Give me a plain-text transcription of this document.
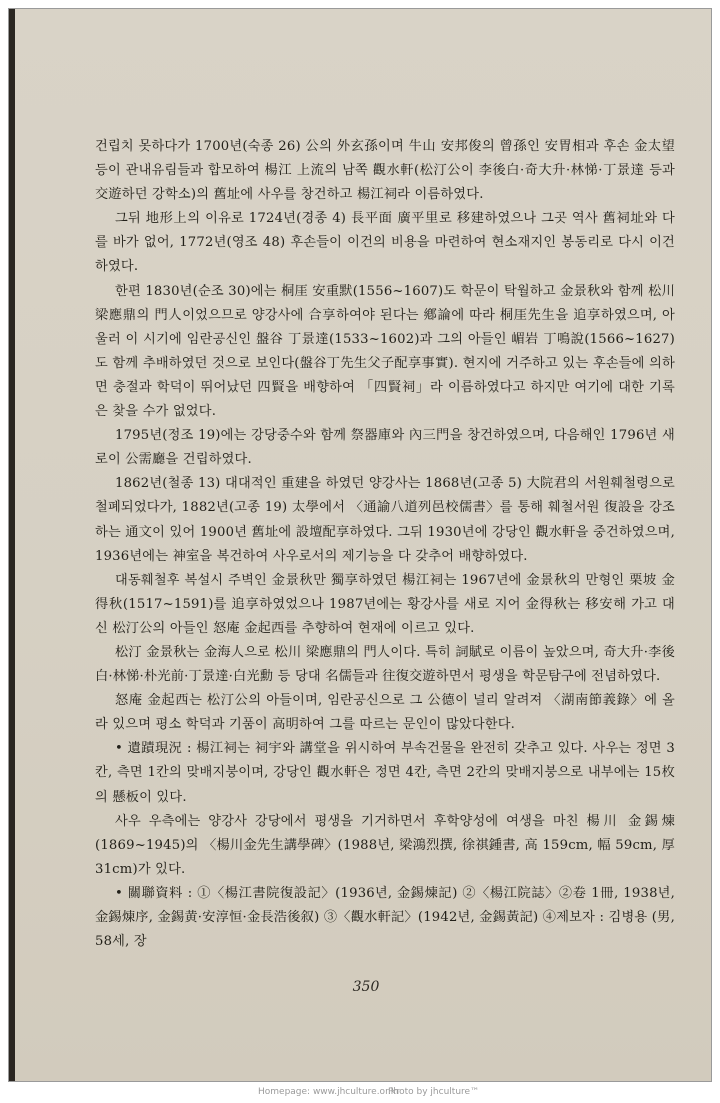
건립치 못하다가 1700년(숙종 26) 公의 外玄孫이며 牛山 安邦俊의 曾孫인 安胃相과 후손 金太望 등이 관내유림들과 합모하여 楊江 上流의 남쪽 觀水軒(松汀公이 李後白·奇大升·林悌·丁景達 등과 交遊하던 강학소)의 舊址에 사우를 창건하고 楊江祠라 이름하였다.

그뒤 地形上의 이유로 1724년(경종 4) 長平面 廣平里로 移建하였으나 그곳 역사 舊祠址와 다를 바가 없어, 1772년(영조 48) 후손들이 이건의 비용을 마련하여 현소재지인 봉동리로 다시 이건하였다.

한편 1830년(순조 30)에는 桐厓 安重默(1556~1607)도 학문이 탁월하고 金景秋와 함께 松川 梁應鼎의 門人이었으므로 양강사에 合享하여야 된다는 鄕論에 따라 桐厓先生을 追享하였으며, 아울러 이 시기에 임란공신인 盤谷 丁景達(1533~1602)과 그의 아들인 嵋岩 丁鳴說(1566~1627)도 함께 추배하였던 것으로 보인다(盤谷丁先生父子配享事實). 현지에 거주하고 있는 후손들에 의하면 충절과 학덕이 뛰어났던 四賢을 배향하여 「四賢祠」라 이름하였다고 하지만 여기에 대한 기록은 찾을 수가 없었다.

1795년(정조 19)에는 강당중수와 함께 祭器庫와 內三門을 창건하였으며, 다음해인 1796년 새로이 公需廳을 건립하였다.

1862년(철종 13) 대대적인 重建을 하였던 양강사는 1868년(고종 5) 大院君의 서원훼철령으로 철폐되었다가, 1882년(고종 19) 太學에서 〈通諭八道列邑校儒書〉를 통해 훼철서원 復設을 강조하는 通文이 있어 1900년 舊址에 設壇配享하였다. 그뒤 1930년에 강당인 觀水軒을 중건하였으며, 1936년에는 神室을 복건하여 사우로서의 제기능을 다 갖추어 배향하였다.

대동훼철후 복설시 주벽인 金景秋만 獨享하였던 楊江祠는 1967년에 金景秋의 만형인 栗坡 金得秋(1517~1591)를 追享하였었으나 1987년에는 황강사를 새로 지어 金得秋는 移安해 가고 대신 松汀公의 아들인 怒庵 金起西를 추향하여 현재에 이르고 있다.

松汀 金景秋는 金海人으로 松川 梁應鼎의 門人이다. 특히 詞賦로 이름이 높았으며, 奇大升·李後白·林悌·朴光前·丁景達·白光勳 등 당대 名儒들과 往復交遊하면서 평생을 학문탐구에 전념하였다.

怒庵 金起西는 松汀公의 아들이며, 임란공신으로 그 公德이 널리 알려져 〈湖南節義錄〉에 올라 있으며 평소 학덕과 기품이 高明하여 그를 따르는 문인이 많았다한다.

• 遺蹟現況 : 楊江祠는 祠宇와 講堂을 위시하여 부속건물을 완전히 갖추고 있다. 사우는 정면 3칸, 측면 1칸의 맞배지붕이며, 강당인 觀水軒은 정면 4칸, 측면 2칸의 맞배지붕으로 내부에는 15枚의 懸板이 있다.

사우 우측에는 양강사 강당에서 평생을 기거하면서 후학양성에 여생을 마친 楊川 金錫煉(1869~1945)의 〈楊川金先生講學碑〉(1988년, 梁鴻烈撰, 徐祺鍾書, 高 159cm, 幅 59cm, 厚 31cm)가 있다.

• 關聯資料 : ①〈楊江書院復設記〉(1936년, 金錫煉記) ②〈楊江院誌〉②卷 1冊, 1938년, 金錫煉序, 金錫黄·安淳恒·金長浩後叙) ③〈觀水軒記〉(1942년, 金錫黃記) ④제보자 : 김병용 (男, 58세, 장

350
Homepage: www.jhculture.or.kr
Photo by jhculture™
